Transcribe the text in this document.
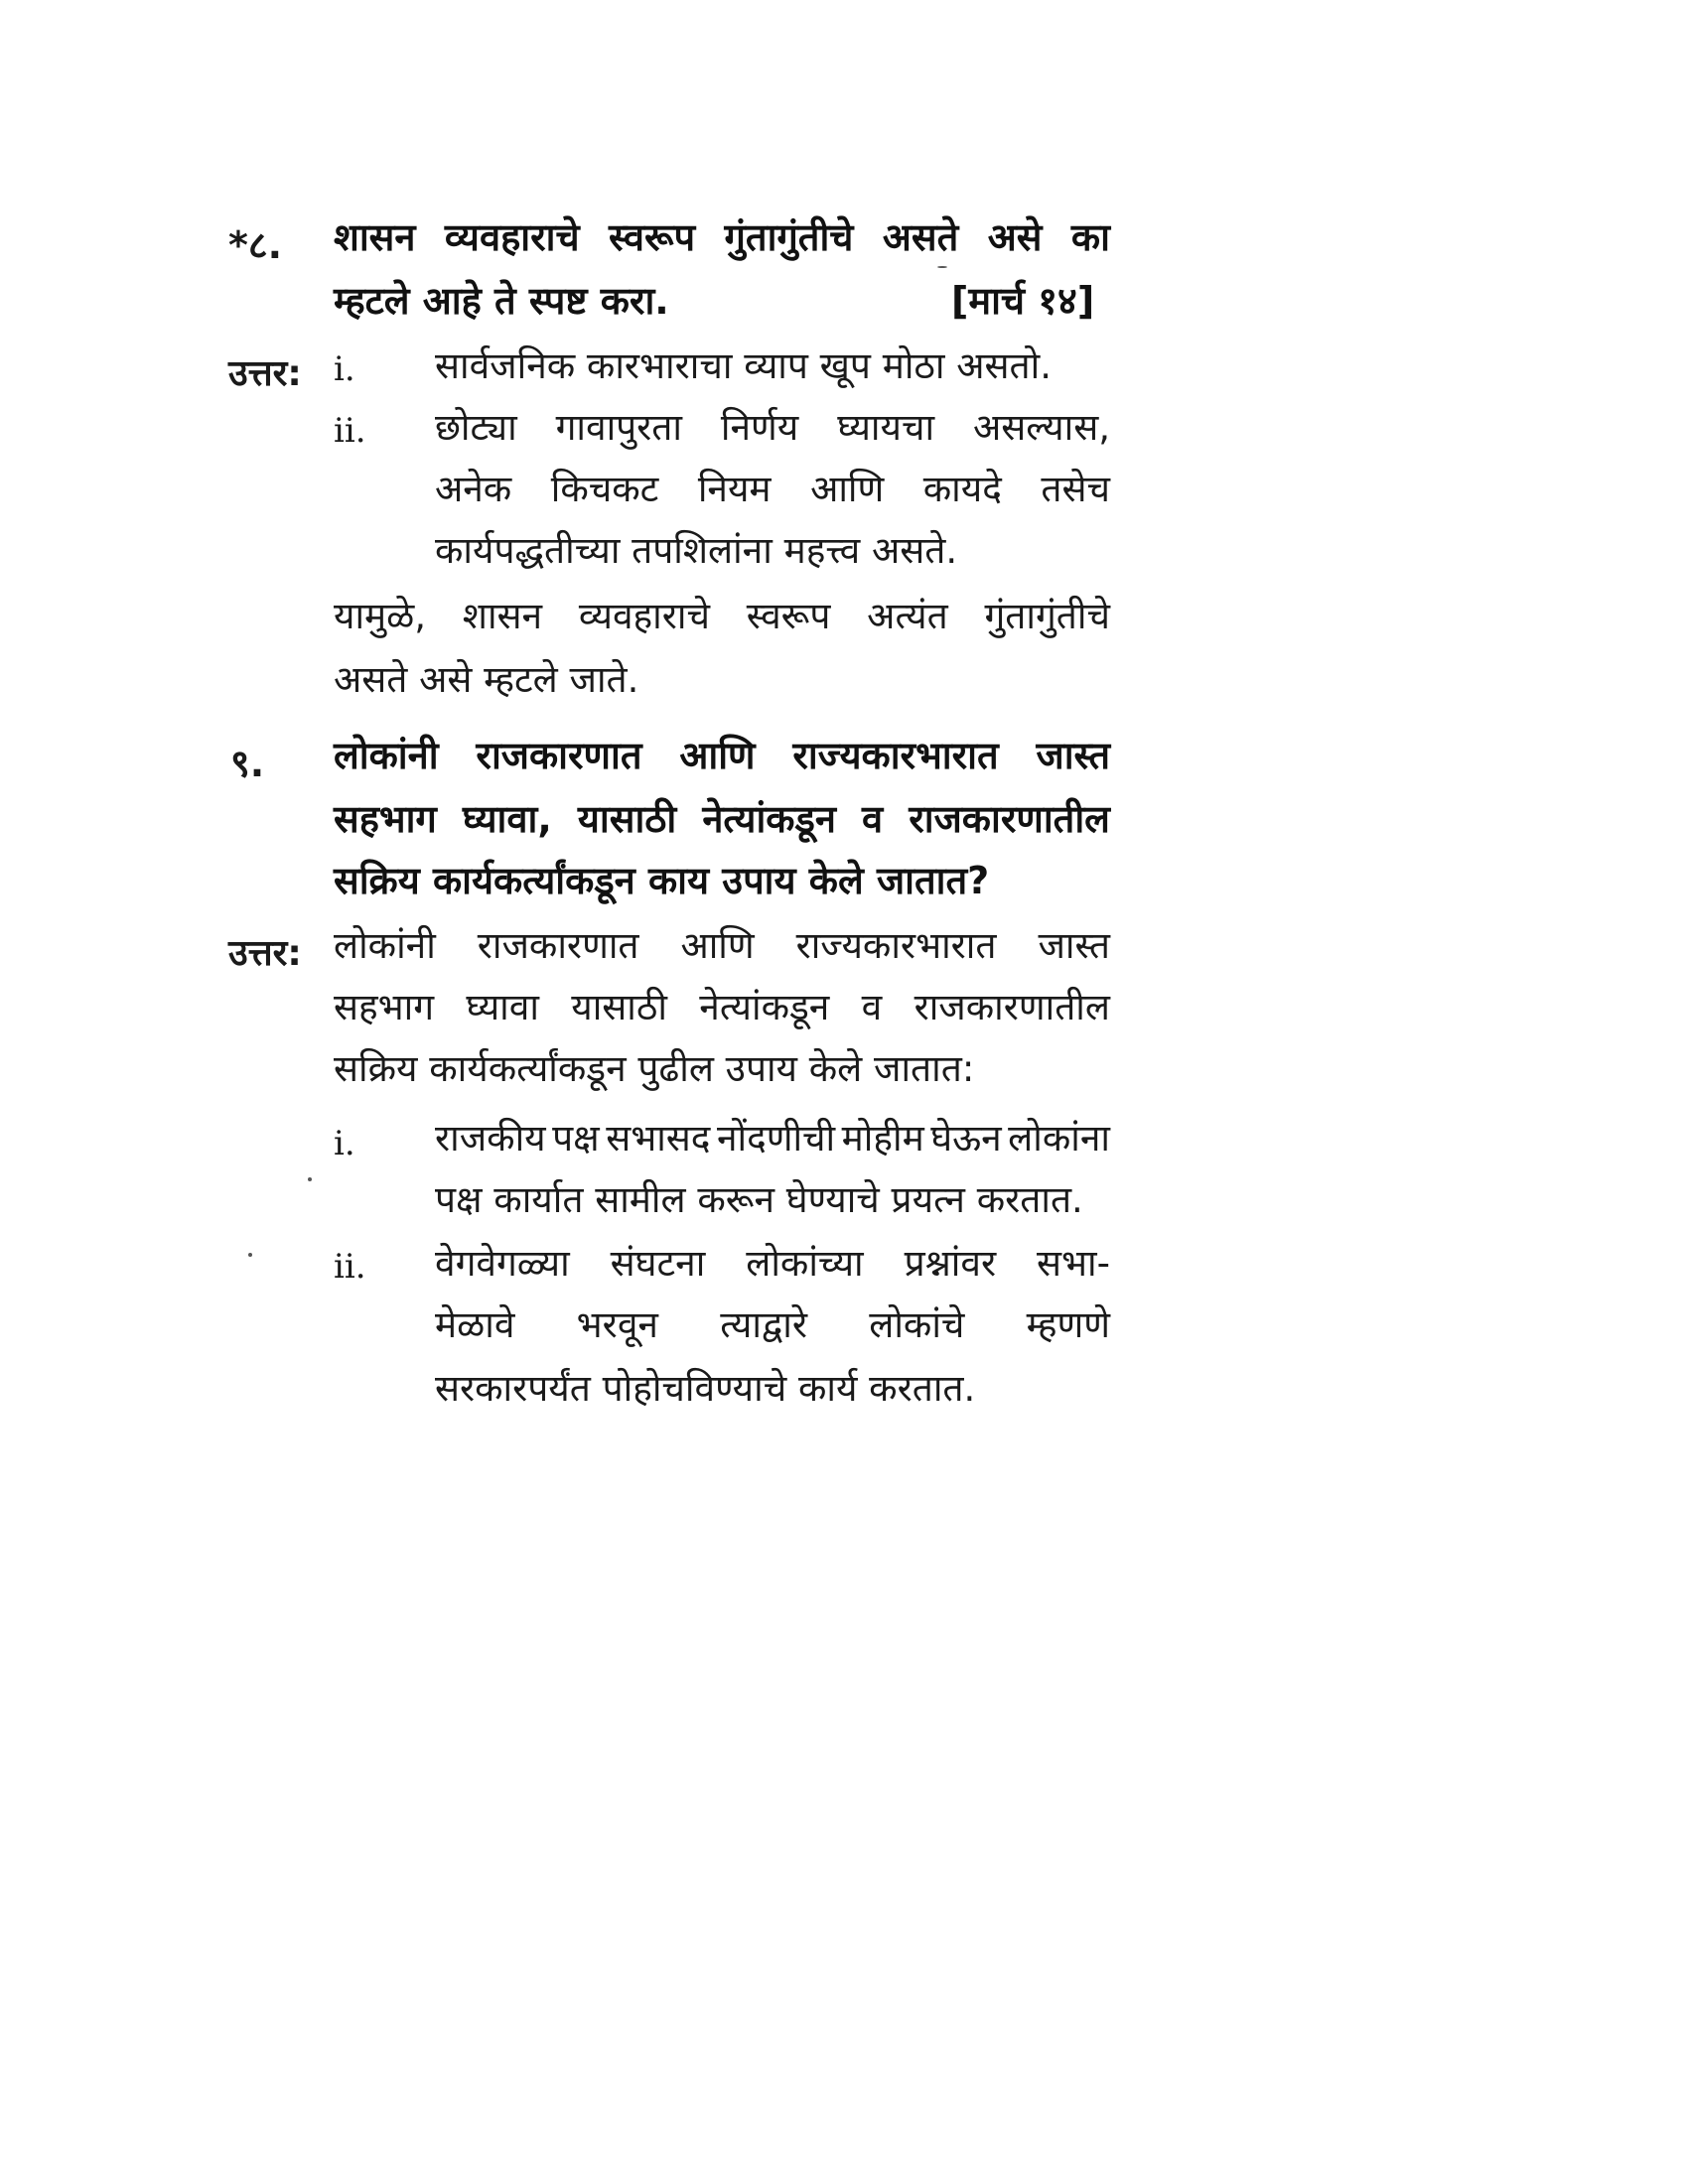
*८. शासन व्यवहाराचे स्वरूप गुंतागुंतीचे असते असे का
म्हटले आहे ते स्पष्ट करा.	[मार्च १४]
उत्तर: i. सार्वजनिक कारभाराचा व्याप खूप मोठा असतो.
ii. छोट्या गावापुरता निर्णय घ्यायचा असल्यास,
अनेक किचकट नियम आणि कायदे तसेच
कार्यपद्धतीच्या तपशिलांना महत्त्व असते.
यामुळे, शासन व्यवहाराचे स्वरूप अत्यंत गुंतागुंतीचे
असते असे म्हटले जाते.
९. लोकांनी राजकारणात आणि राज्यकारभारात जास्त
सहभाग घ्यावा, यासाठी नेत्यांकडून व राजकारणातील
सक्रिय कार्यकर्त्यांकडून काय उपाय केले जातात?
उत्तर: लोकांनी राजकारणात आणि राज्यकारभारात जास्त
सहभाग घ्यावा यासाठी नेत्यांकडून व राजकारणातील
सक्रिय कार्यकर्त्यांकडून पुढील उपाय केले जातात:
i. राजकीय पक्ष सभासद नोंदणीची मोहीम घेऊन लोकांना
पक्ष कार्यात सामील करून घेण्याचे प्रयत्न करतात.
ii. वेगवेगळ्या संघटना लोकांच्या प्रश्नांवर सभा-
मेळावे भरवून त्याद्वारे लोकांचे म्हणणे
सरकारपर्यंत पोहोचविण्याचे कार्य करतात.
